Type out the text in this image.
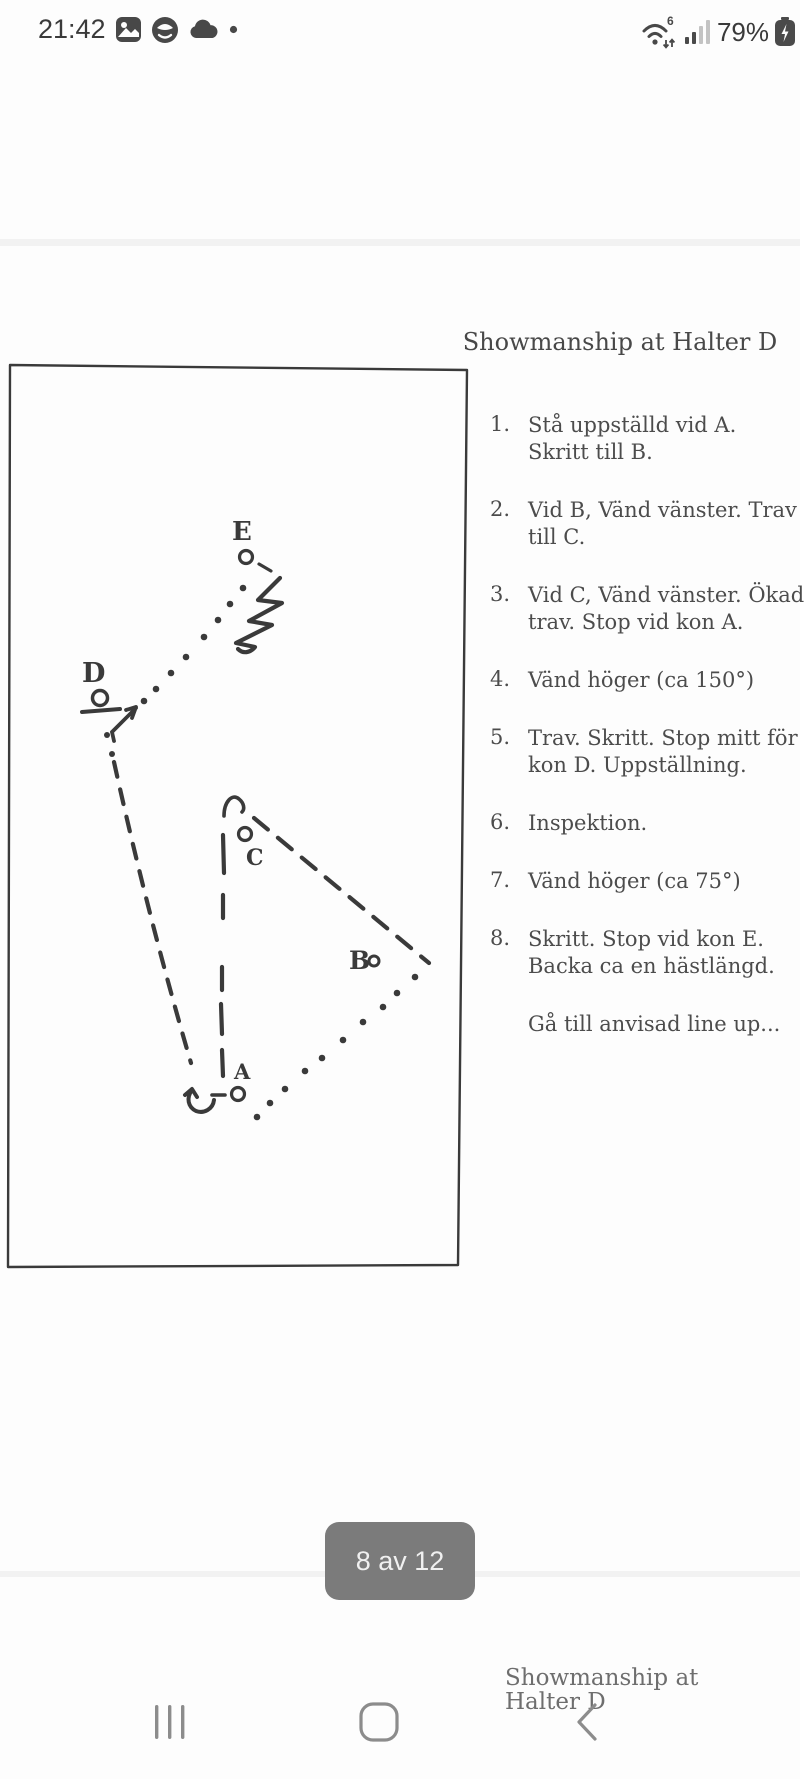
21:42	6 79%
E
D
C
B
A
Showmanship at Halter D
1. Stå uppställd vid A.
Skritt till B.
2. Vid B, Vänd vänster. Trav
till C.
3. Vid C, Vänd vänster. Ökad
trav. Stop vid kon A.
4. Vänd höger (ca 150°)
5. Trav. Skritt. Stop mitt för
kon D. Uppställning.
6. Inspektion.
7. Vänd höger (ca 75°)
8. Skritt. Stop vid kon E.
Backa ca en hästlängd.
Gå till anvisad line up...
8 av 12
Showmanship at Halter D
